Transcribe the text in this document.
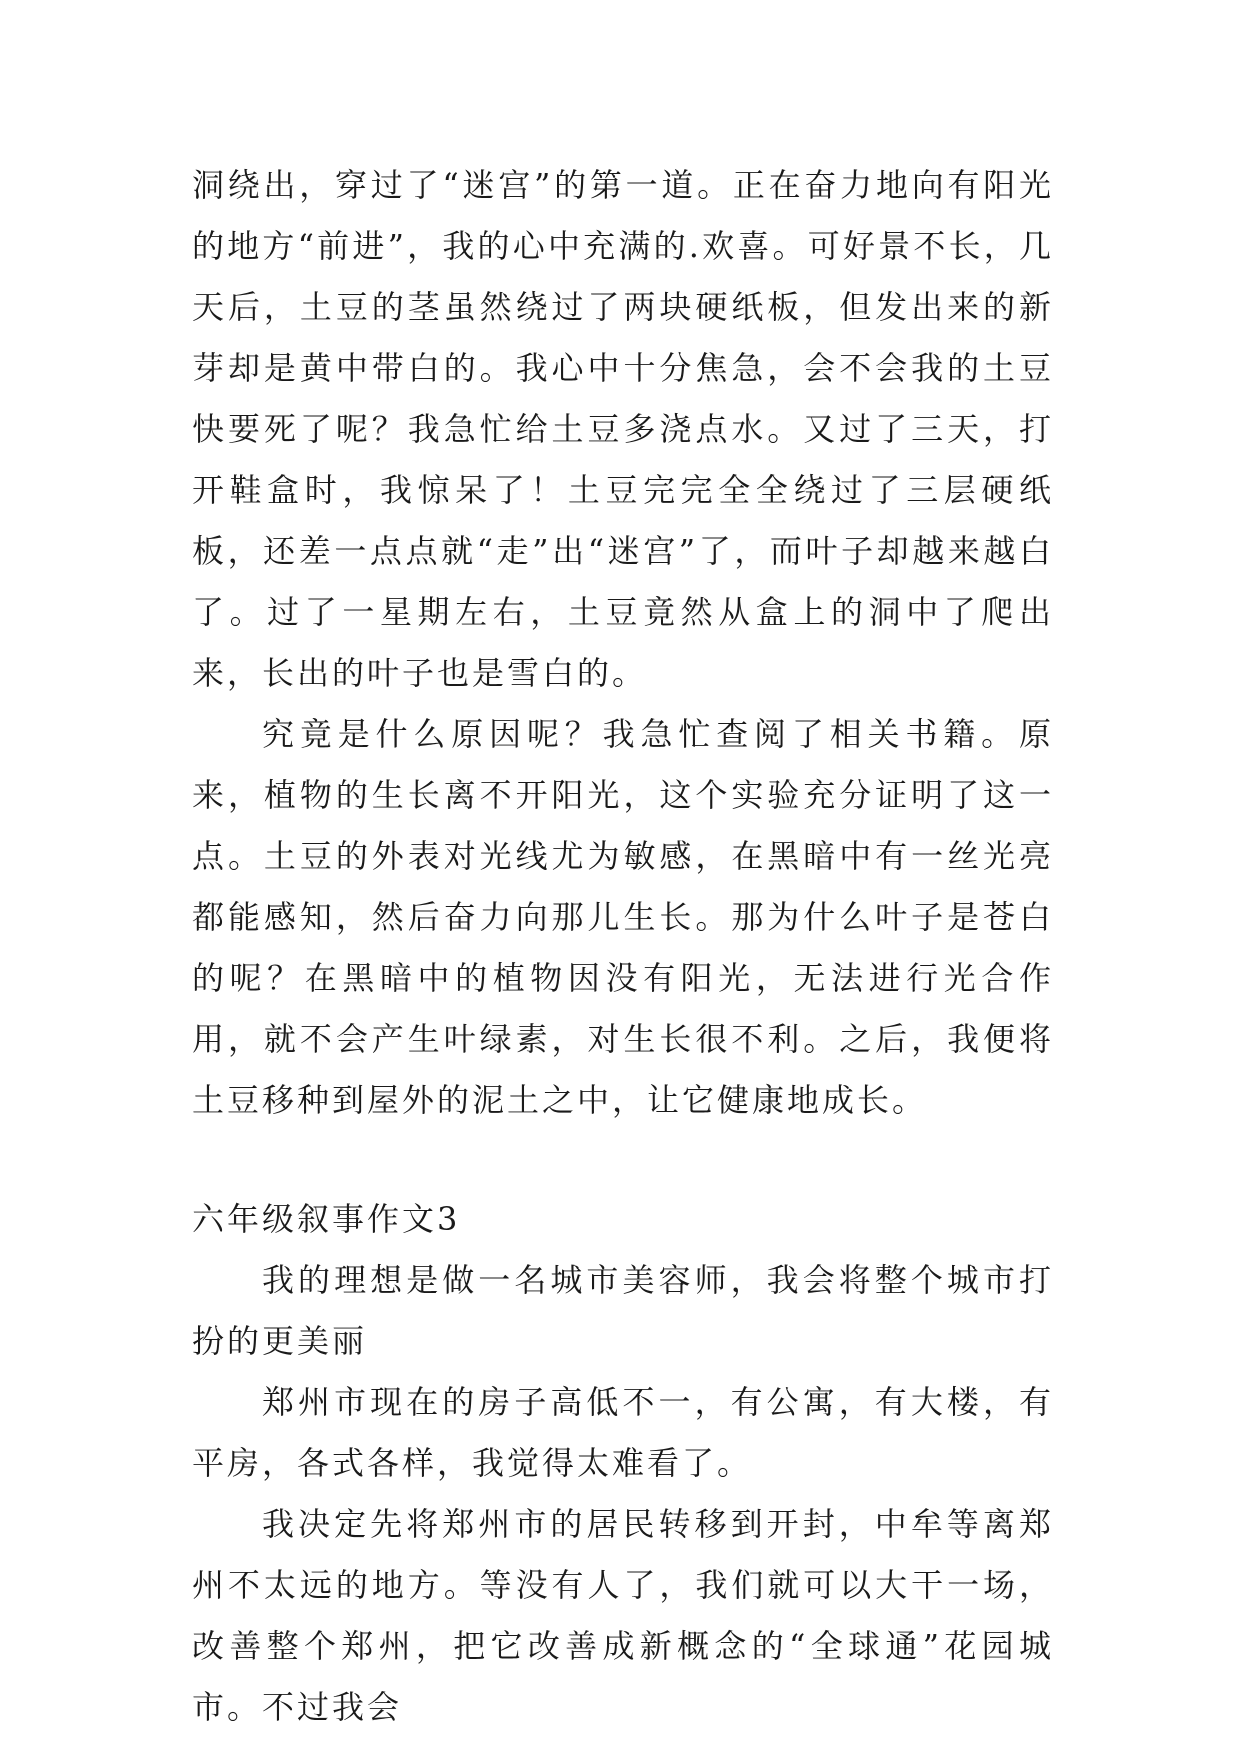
洞绕出，穿过了“迷宫”的第一道。正在奋力地向有阳光的地方“前进”，我的心中充满的.欢喜。可好景不长，几天后，土豆的茎虽然绕过了两块硬纸板，但发出来的新芽却是黄中带白的。我心中十分焦急，会不会我的土豆快要死了呢？我急忙给土豆多浇点水。又过了三天，打开鞋盒时，我惊呆了！土豆完完全全绕过了三层硬纸板，还差一点点就“走”出“迷宫”了，而叶子却越来越白了。过了一星期左右，土豆竟然从盒上的洞中了爬出来，长出的叶子也是雪白的。

究竟是什么原因呢？我急忙查阅了相关书籍。原来，植物的生长离不开阳光，这个实验充分证明了这一点。土豆的外表对光线尤为敏感，在黑暗中有一丝光亮都能感知，然后奋力向那儿生长。那为什么叶子是苍白的呢？在黑暗中的植物因没有阳光，无法进行光合作用，就不会产生叶绿素，对生长很不利。之后，我便将土豆移种到屋外的泥土之中，让它健康地成长。

六年级叙事作文3

我的理想是做一名城市美容师，我会将整个城市打扮的更美丽

郑州市现在的房子高低不一，有公寓，有大楼，有平房，各式各样，我觉得太难看了。

我决定先将郑州市的居民转移到开封，中牟等离郑州不太远的地方。等没有人了，我们就可以大干一场，改善整个郑州，把它改善成新概念的“全球通”花园城市。不过我会
